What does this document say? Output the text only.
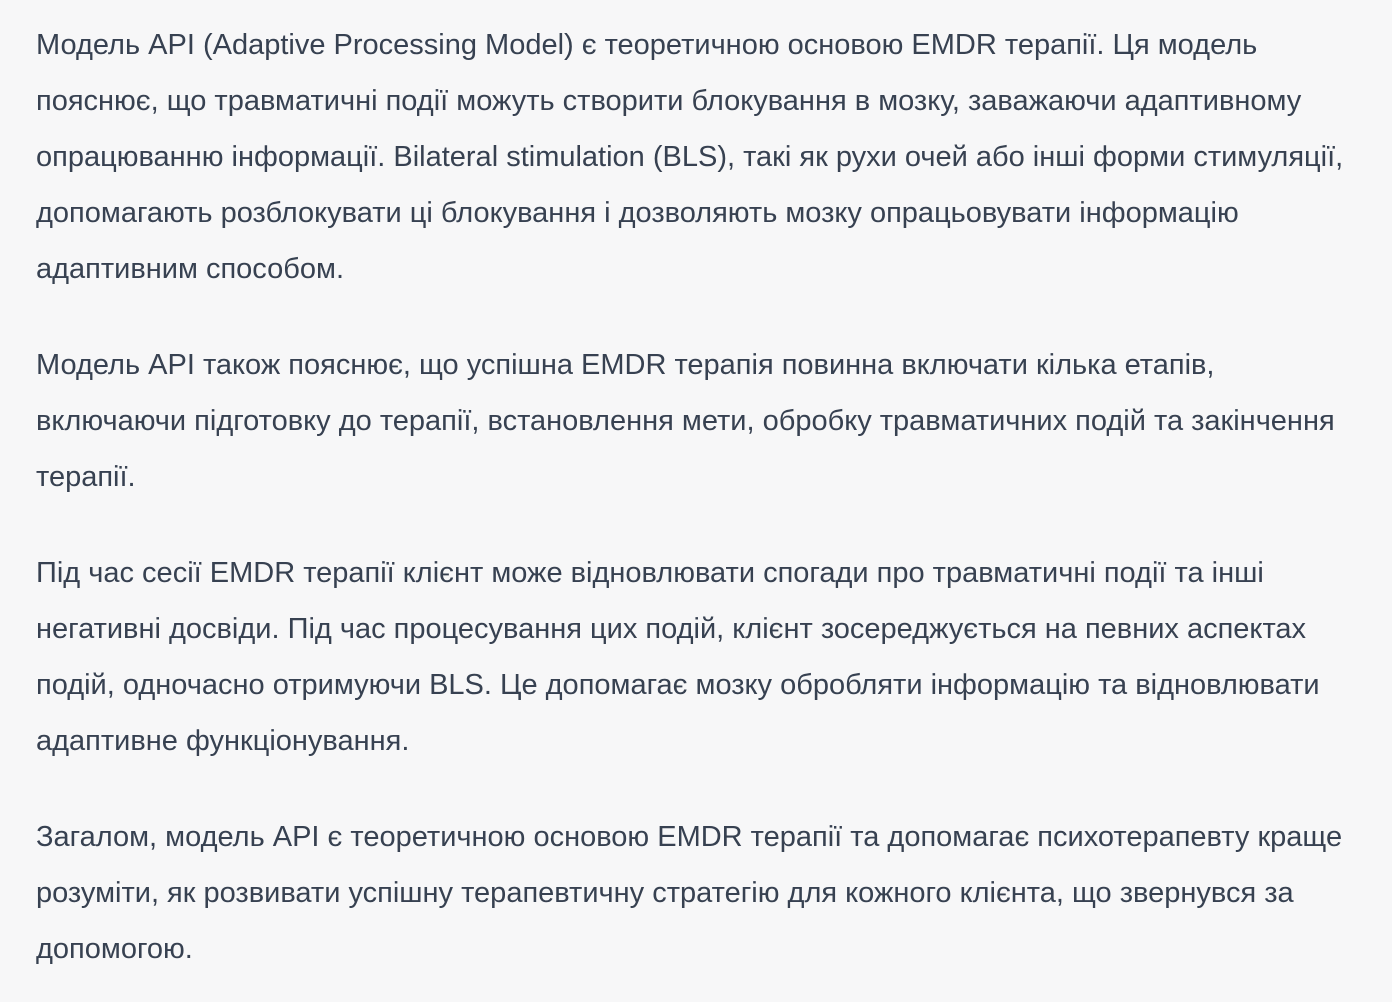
Модель API (Adaptive Processing Model) є теоретичною основою EMDR терапії. Ця модель пояснює, що травматичні події можуть створити блокування в мозку, заважаючи адаптивному опрацюванню інформації. Bilateral stimulation (BLS), такі як рухи очей або інші форми стимуляції, допомагають розблокувати ці блокування і дозволяють мозку опрацьовувати інформацію адаптивним способом.

Модель API також пояснює, що успішна EMDR терапія повинна включати кілька етапів, включаючи підготовку до терапії, встановлення мети, обробку травматичних подій та закінчення терапії.

Під час сесії EMDR терапії клієнт може відновлювати спогади про травматичні події та інші негативні досвіди. Під час процесування цих подій, клієнт зосереджується на певних аспектах подій, одночасно отримуючи BLS. Це допомагає мозку обробляти інформацію та відновлювати адаптивне функціонування.

Загалом, модель API є теоретичною основою EMDR терапії та допомагає психотерапевту краще розуміти, як розвивати успішну терапевтичну стратегію для кожного клієнта, що звернувся за допомогою.
